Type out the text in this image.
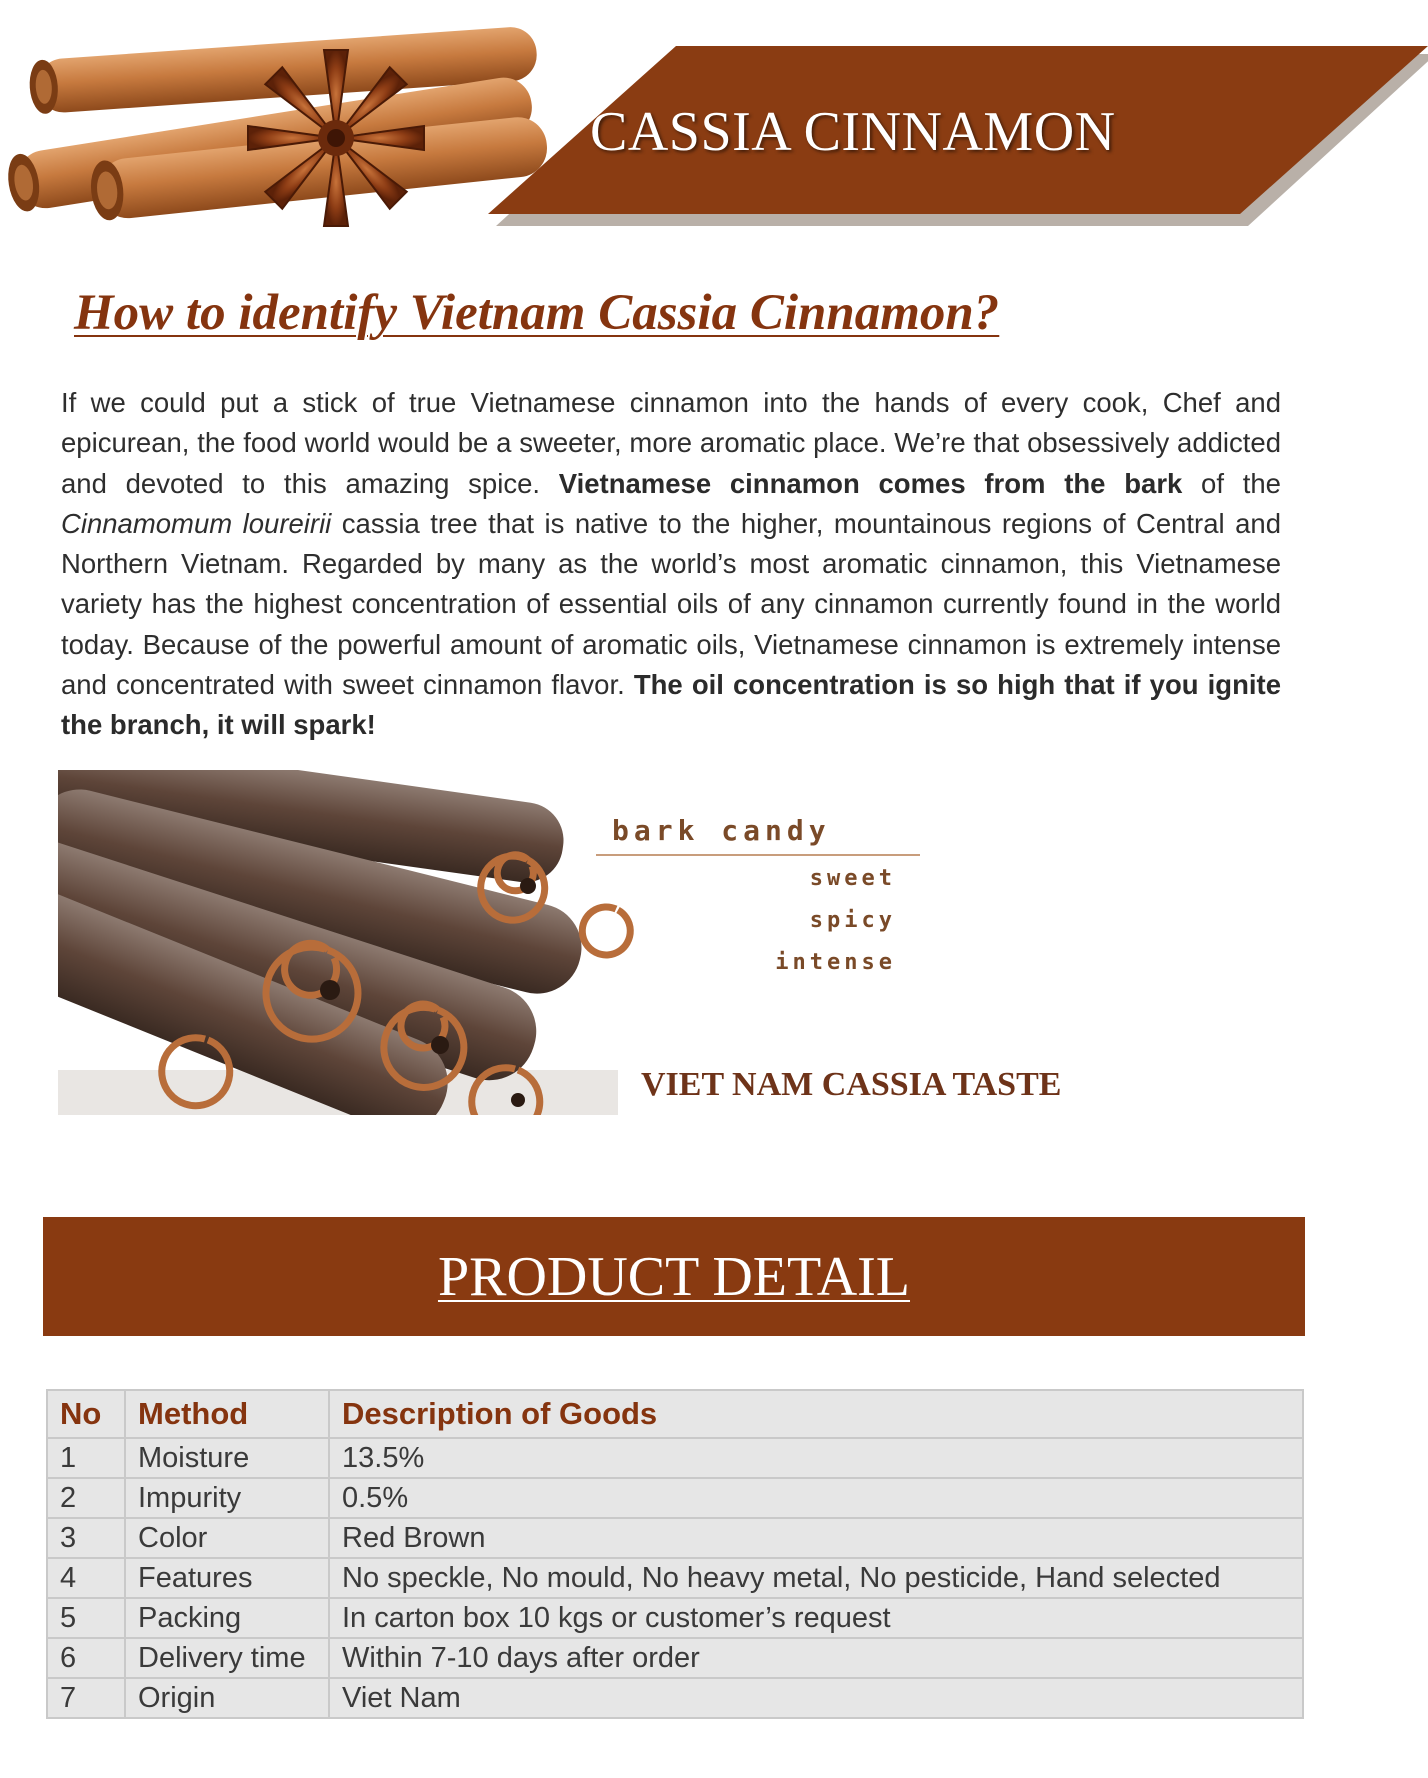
CASSIA CINNAMON
How to identify Vietnam Cassia Cinnamon?

If we could put a stick of true Vietnamese cinnamon into the hands of every cook, Chef and epicurean, the food world would be a sweeter, more aromatic place. We’re that obsessively addicted and devoted to this amazing spice. Vietnamese cinnamon comes from the bark of the Cinnamomum loureirii cassia tree that is native to the higher, mountainous regions of Central and Northern Vietnam. Regarded by many as the world’s most aromatic cinnamon, this Vietnamese variety has the highest concentration of essential oils of any cinnamon currently found in the world today. Because of the powerful amount of aromatic oils, Vietnamese cinnamon is extremely intense and concentrated with sweet cinnamon flavor. The oil concentration is so high that if you ignite the branch, it will spark!

bark candy
sweet
spicy
intense
VIET NAM CASSIA TASTE
PRODUCT DETAIL
No	Method	Description of Goods
1	Moisture	13.5%
2	Impurity	0.5%
3	Color	Red Brown
4	Features	No speckle, No mould, No heavy metal, No pesticide, Hand selected
5	Packing	In carton box 10 kgs or customer’s request
6	Delivery time	Within 7-10 days after order
7	Origin	Viet Nam
